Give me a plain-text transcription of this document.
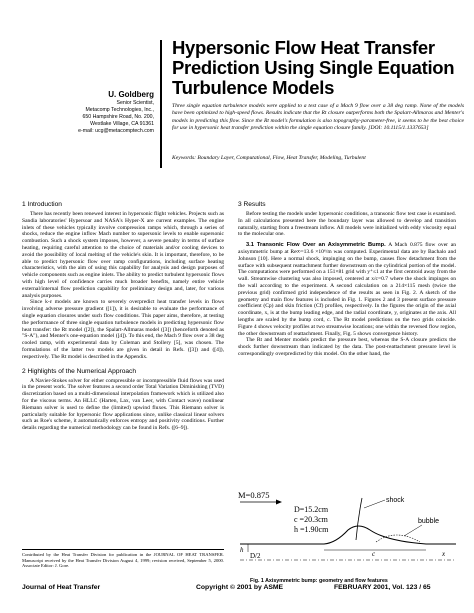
Hypersonic Flow Heat Transfer
Prediction Using Single Equation
Turbulence Models
U. Goldberg
Senior Scientist,
Metacomp Technologies, Inc.,
650 Hampshire Road, No. 200,
Westlake Village, CA 91361
e-mail: ucg@metacomptech.com
Three single equation turbulence models were applied to a test case of a Mach 9 flow over a 38 deg ramp. None of the models have been optimized to high-speed flows. Results indicate that the Rt closure outperforms both the Spalart-Allmaras and Menter's models in predicting this flow. Since the Rt model's formulation is also topography-parameter-free, it seems to be the best choice for use in hypersonic heat transfer prediction within the single equation closure family. [DOI: 10.1115/1.1337653]
Keywords: Boundary Layer, Computational, Flow, Heat Transfer, Modeling, Turbulent
1 Introduction

There has recently been renewed interest in hypersonic flight vehicles. Projects such as Sandia laboratories' Hypersoar and NASA's Hyper-X are current examples. The engine inlets of these vehicles typically involve compression ramps which, through a series of shocks, reduce the engine inflow Mach number to supersonic levels to enable supersonic combustion. Such a shock system imposes, however, a severe penalty in terms of surface heating, requiring careful attention to the choice of materials and/or cooling devices to avoid the possibility of local melting of the vehicle's skin. It is important, therefore, to be able to predict hypersonic flow over ramp configurations, including surface heating characteristics, with the aim of using this capability for analysis and design purposes of vehicle components such as engine inlets. The ability to predict turbulent hypersonic flows with high level of confidence carries much broader benefits, namely entire vehicle external/internal flow prediction capability for preliminary design and, later, for various analysis purposes.

Since k-ε models are known to severely overpredict heat transfer levels in flows involving adverse pressure gradient ([1]), it is desirable to evaluate the performance of single equation closures under such flow conditions. This paper aims, therefore, at testing the performance of three single equation turbulence models in predicting hypersonic flow heat transfer: the Rt model ([2]), the Spalart-Allmaras model ([3]) (henceforth denoted as "S-A"), and Menter's one-equation model ([4]). To this end, the Mach 9 flow over a 38 deg cooled ramp, with experimental data by Coleman and Stollery [5], was chosen. The formulations of the latter two models are given in detail in Refs. ([3]) and ([4]), respectively. The Rt model is described in the Appendix.

2 Highlights of the Numerical Approach

A Navier-Stokes solver for either compressible or incompressible fluid flows was used in the present work. The solver features a second order Total Variation Diminishing (TVD) discretization based on a multi-dimensional interpolation framework which is utilized also for the viscous terms. An HLLC (Harten, Lax, van Leer, with Contact wave) nonlinear Riemann solver is used to define the (limited) upwind fluxes. This Riemann solver is particularly suitable for hypersonic flow applications since, unlike classical linear solvers such as Roe's scheme, it automatically enforces entropy and positivity conditions. Further details regarding the numerical methodology can be found in Refs. ([6–9]).

Contributed by the Heat Transfer Division for publication in the JOURNAL OF HEAT TRANSFER. Manuscript received by the Heat Transfer Division August 4, 1999; revision received, September 5, 2000. Associate Editor: J. Gore.
3 Results

Before testing the models under hypersonic conditions, a transonic flow test case is examined. In all calculations presented here the boundary layer was allowed to develop and transition naturally, starting from a freestream inflow. All models were initialized with eddy viscosity equal to the molecular one.

3.1 Transonic Flow Over an Axisymmetric Bump. A Mach 0.875 flow over an axisymmetric bump at Re∞=13.6 ×10⁶/m was computed. Experimental data are by Bachalo and Johnson [10]. Here a normal shock, impinging on the bump, causes flow detachment from the surface with subsequent reattachment further downstream on the cylindrical portion of the model. The computations were performed on a 151×81 grid with y⁺≤1 at the first centroid away from the wall. Streamwise clustering was also imposed, centered at x/c=0.7 where the shock impinges on the wall according to the experiment. A second calculation on a 214×115 mesh (twice the previous grid) confirmed grid independence of the results as seen in Fig. 2. A sketch of the geometry and main flow features is included in Fig. 1. Figures 2 and 3 present surface pressure coefficient (Cp) and skin friction (Cf) profiles, respectively. In the figures the origin of the axial coordinate, x, is at the bump leading edge, and the radial coordinate, y, originates at the axis. All lengths are scaled by the bump cord, c. The Rt model predictions on the two grids coincide. Figure 4 shows velocity profiles at two streamwise locations; one within the reversed flow region, the other downstream of reattachment. Finally, Fig. 5 shows convergence history.

The Rt and Menter models predict the pressure best, whereas the S-A closure predicts the shock further downstream than indicated by the data. The post-reattachment pressure level is correspondingly overpredicted by this model. On the other hand, the

M=0.875
D=15.2cm
c =20.3cm
h =1.90cm
shock
bubble
h
D/2	c	x
Fig. 1 Axisymmetric bump: geometry and flow features
Journal of Heat Transfer	Copyright © 2001 by ASME	FEBRUARY 2001, Vol. 123 / 65
